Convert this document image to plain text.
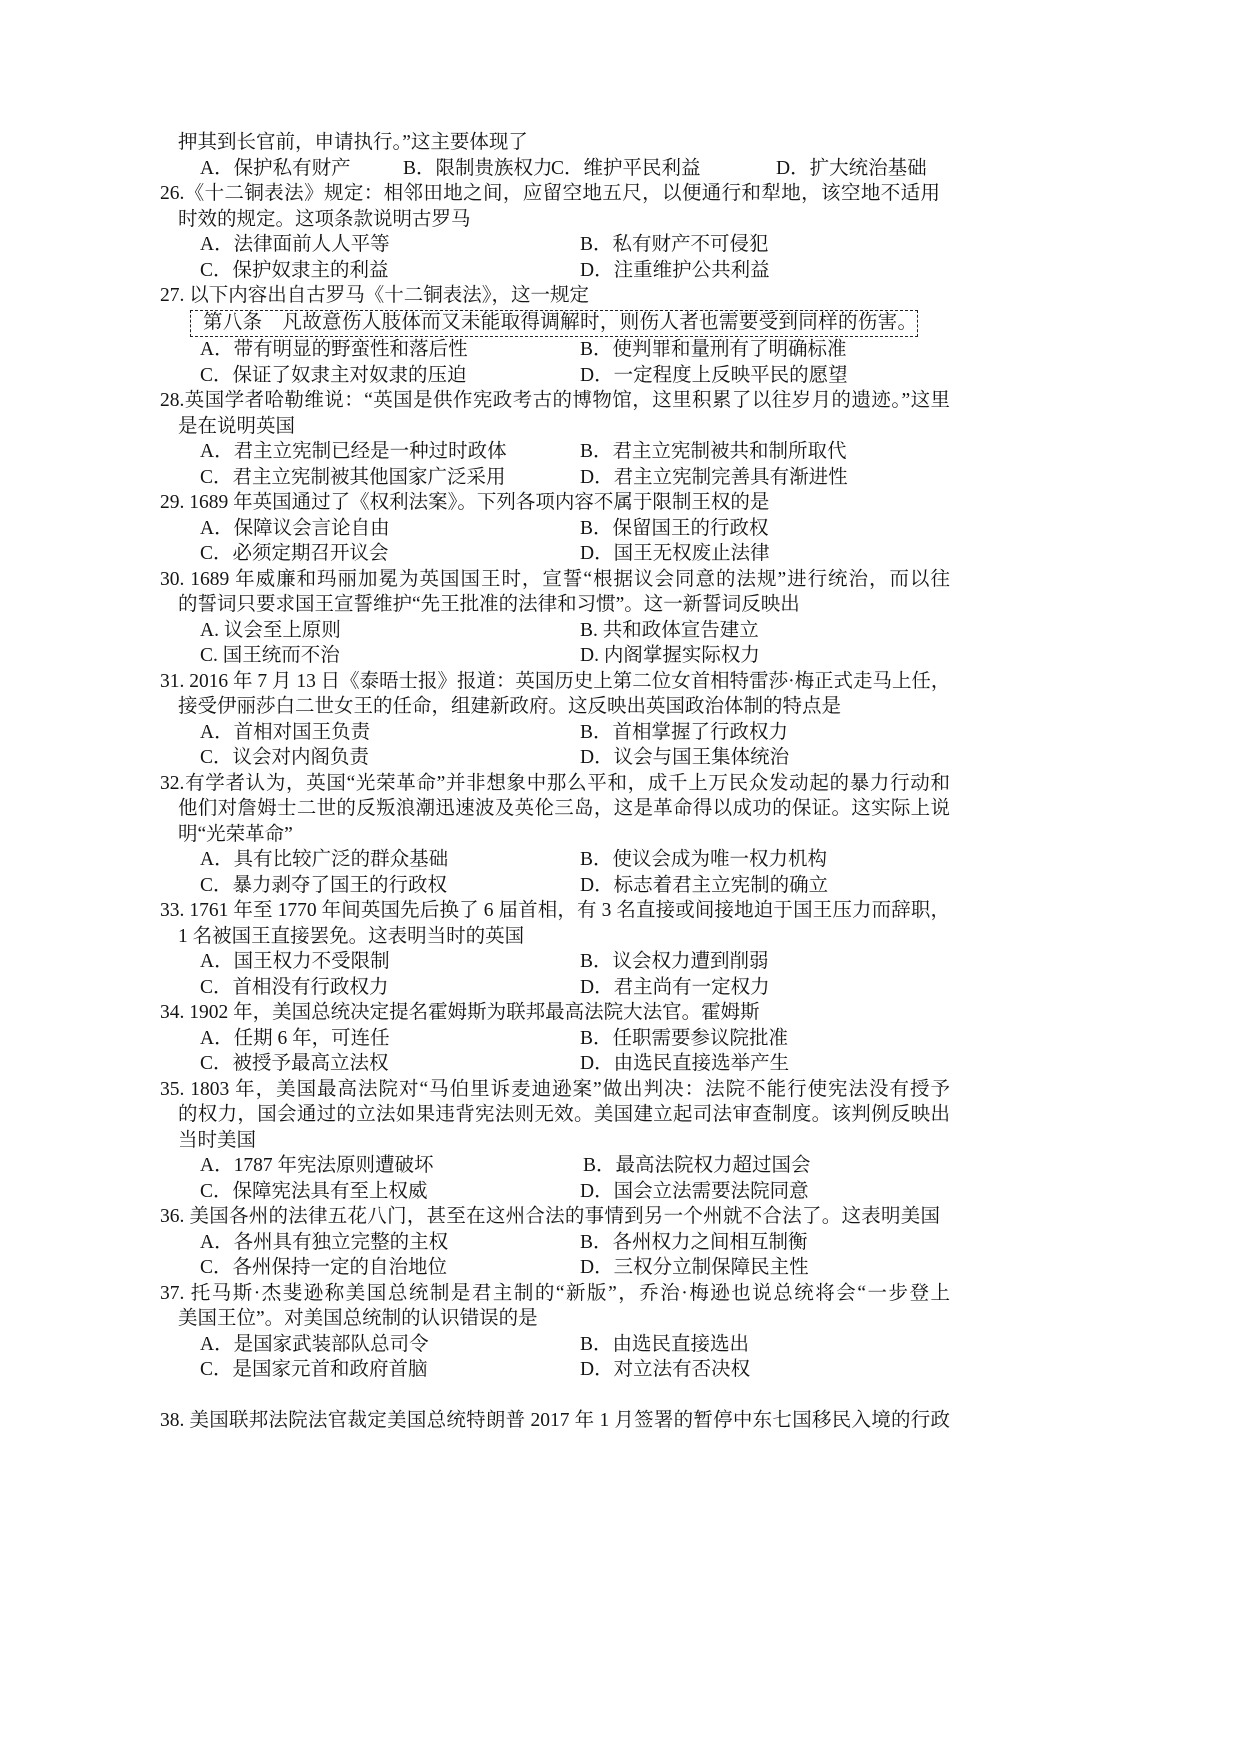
押其到长官前，申请执行。”这主要体现了
A．保护私有财产	B．限制贵族权力
C．维护平民利益	D．扩大统治基础
26.《十二铜表法》规定：相邻田地之间，应留空地五尺，以便通行和犁地，该空地不适用
时效的规定。这项条款说明古罗马
A．法律面前人人平等	B．私有财产不可侵犯
C．保护奴隶主的利益	D．注重维护公共利益
27. 以下内容出自古罗马《十二铜表法》，这一规定
第八条　凡故意伤人肢体而又未能取得调解时，则伤人者也需要受到同样的伤害。
A．带有明显的野蛮性和落后性	B．使判罪和量刑有了明确标准
C．保证了奴隶主对奴隶的压迫	D．一定程度上反映平民的愿望
28.英国学者哈勒维说：“英国是供作宪政考古的博物馆，这里积累了以往岁月的遗迹。”这里
是在说明英国
A．君主立宪制已经是一种过时政体	B．君主立宪制被共和制所取代
C．君主立宪制被其他国家广泛采用	D．君主立宪制完善具有渐进性
29. 1689 年英国通过了《权利法案》。下列各项内容不属于限制王权的是
A．保障议会言论自由	B．保留国王的行政权
C．必须定期召开议会	D．国王无权废止法律
30. 1689 年威廉和玛丽加冕为英国国王时，宣誓“根据议会同意的法规”进行统治，而以往
的誓词只要求国王宣誓维护“先王批准的法律和习惯”。这一新誓词反映出
A. 议会至上原则	B. 共和政体宣告建立
C. 国王统而不治	D. 内阁掌握实际权力
31. 2016 年 7 月 13 日《泰晤士报》报道：英国历史上第二位女首相特雷莎·梅正式走马上任，
接受伊丽莎白二世女王的任命，组建新政府。这反映出英国政治体制的特点是
A．首相对国王负责	B．首相掌握了行政权力
C．议会对内阁负责	D．议会与国王集体统治
32.有学者认为，英国“光荣革命”并非想象中那么平和，成千上万民众发动起的暴力行动和
他们对詹姆士二世的反叛浪潮迅速波及英伦三岛，这是革命得以成功的保证。这实际上说
明“光荣革命”
A．具有比较广泛的群众基础	B．使议会成为唯一权力机构
C．暴力剥夺了国王的行政权	D．标志着君主立宪制的确立
33. 1761 年至 1770 年间英国先后换了 6 届首相，有 3 名直接或间接地迫于国王压力而辞职，
1 名被国王直接罢免。这表明当时的英国
A．国王权力不受限制	B．议会权力遭到削弱
C．首相没有行政权力	D．君主尚有一定权力
34. 1902 年，美国总统决定提名霍姆斯为联邦最高法院大法官。霍姆斯
A．任期 6 年，可连任	B．任职需要参议院批准
C．被授予最高立法权	D．由选民直接选举产生
35. 1803 年，美国最高法院对“马伯里诉麦迪逊案”做出判决：法院不能行使宪法没有授予
的权力，国会通过的立法如果违背宪法则无效。美国建立起司法审查制度。该判例反映出
当时美国
A．1787 年宪法原则遭破坏	B．最高法院权力超过国会
C．保障宪法具有至上权威	D．国会立法需要法院同意
36. 美国各州的法律五花八门，甚至在这州合法的事情到另一个州就不合法了。这表明美国
A．各州具有独立完整的主权	B．各州权力之间相互制衡
C．各州保持一定的自治地位	D．三权分立制保障民主性
37. 托马斯·杰斐逊称美国总统制是君主制的“新版”，乔治·梅逊也说总统将会“一步登上
美国王位”。对美国总统制的认识错误的是
A．是国家武装部队总司令	B．由选民直接选出
C．是国家元首和政府首脑	D．对立法有否决权
38. 美国联邦法院法官裁定美国总统特朗普 2017 年 1 月签署的暂停中东七国移民入境的行政
